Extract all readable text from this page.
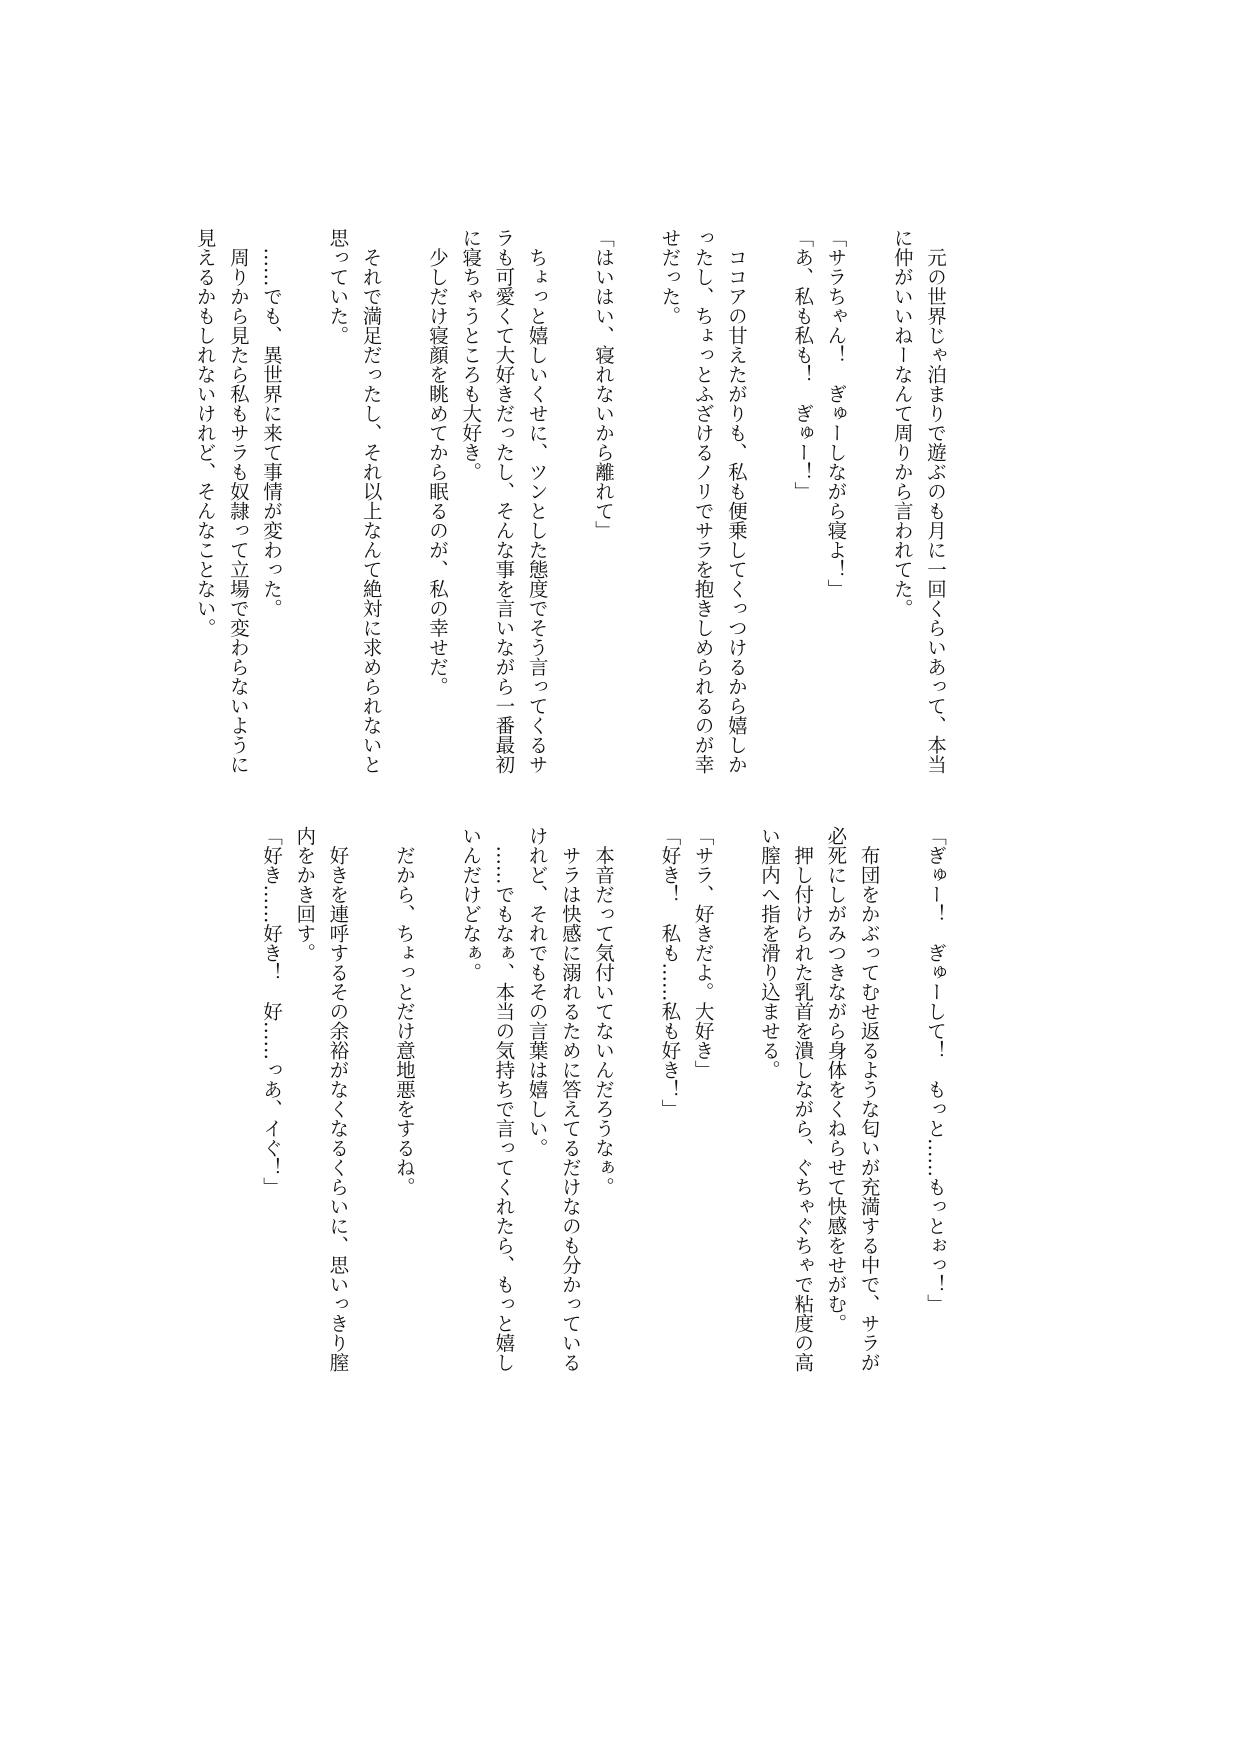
　元の世界じゃ泊まりで遊ぶのも月に一回くらいあって、本当
に仲がいいねーなんて周りから言われてた。
「サラちゃん！　ぎゅーしながら寝よ！」
「あ、私も私も！　ぎゅー！」
　ココアの甘えたがりも、私も便乗してくっつけるから嬉しか
ったし、ちょっとふざけるノリでサラを抱きしめられるのが幸
せだった。
「はいはい、寝れないから離れて」
　ちょっと嬉しいくせに、ツンとした態度でそう言ってくるサ
ラも可愛くて大好きだったし、そんな事を言いながら一番最初
に寝ちゃうところも大好き。
　少しだけ寝顔を眺めてから眠るのが、私の幸せだ。
　それで満足だったし、それ以上なんて絶対に求められないと
思っていた。
　……でも、異世界に来て事情が変わった。
　周りから見たら私もサラも奴隷って立場で変わらないように
見えるかもしれないけれど、そんなことない。
「ぎゅー！　ぎゅーして！　もっと……もっとぉっ！」
　布団をかぶってむせ返るような匂いが充満する中で、サラが
必死にしがみつきながら身体をくねらせて快感をせがむ。
　押し付けられた乳首を潰しながら、ぐちゃぐちゃで粘度の高
い膣内へ指を滑り込ませる。
「サラ、好きだよ。大好き」
「好き！　私も……私も好き！」
　本音だって気付いてないんだろうなぁ。
　サラは快感に溺れるために答えてるだけなのも分かっている
けれど、それでもその言葉は嬉しい。
　……でもなぁ、本当の気持ちで言ってくれたら、もっと嬉し
いんだけどなぁ。
　だから、ちょっとだけ意地悪をするね。
　好きを連呼するその余裕がなくなるくらいに、思いっきり膣
内をかき回す。
「好き……好き！　好……っあ、イぐ！」
